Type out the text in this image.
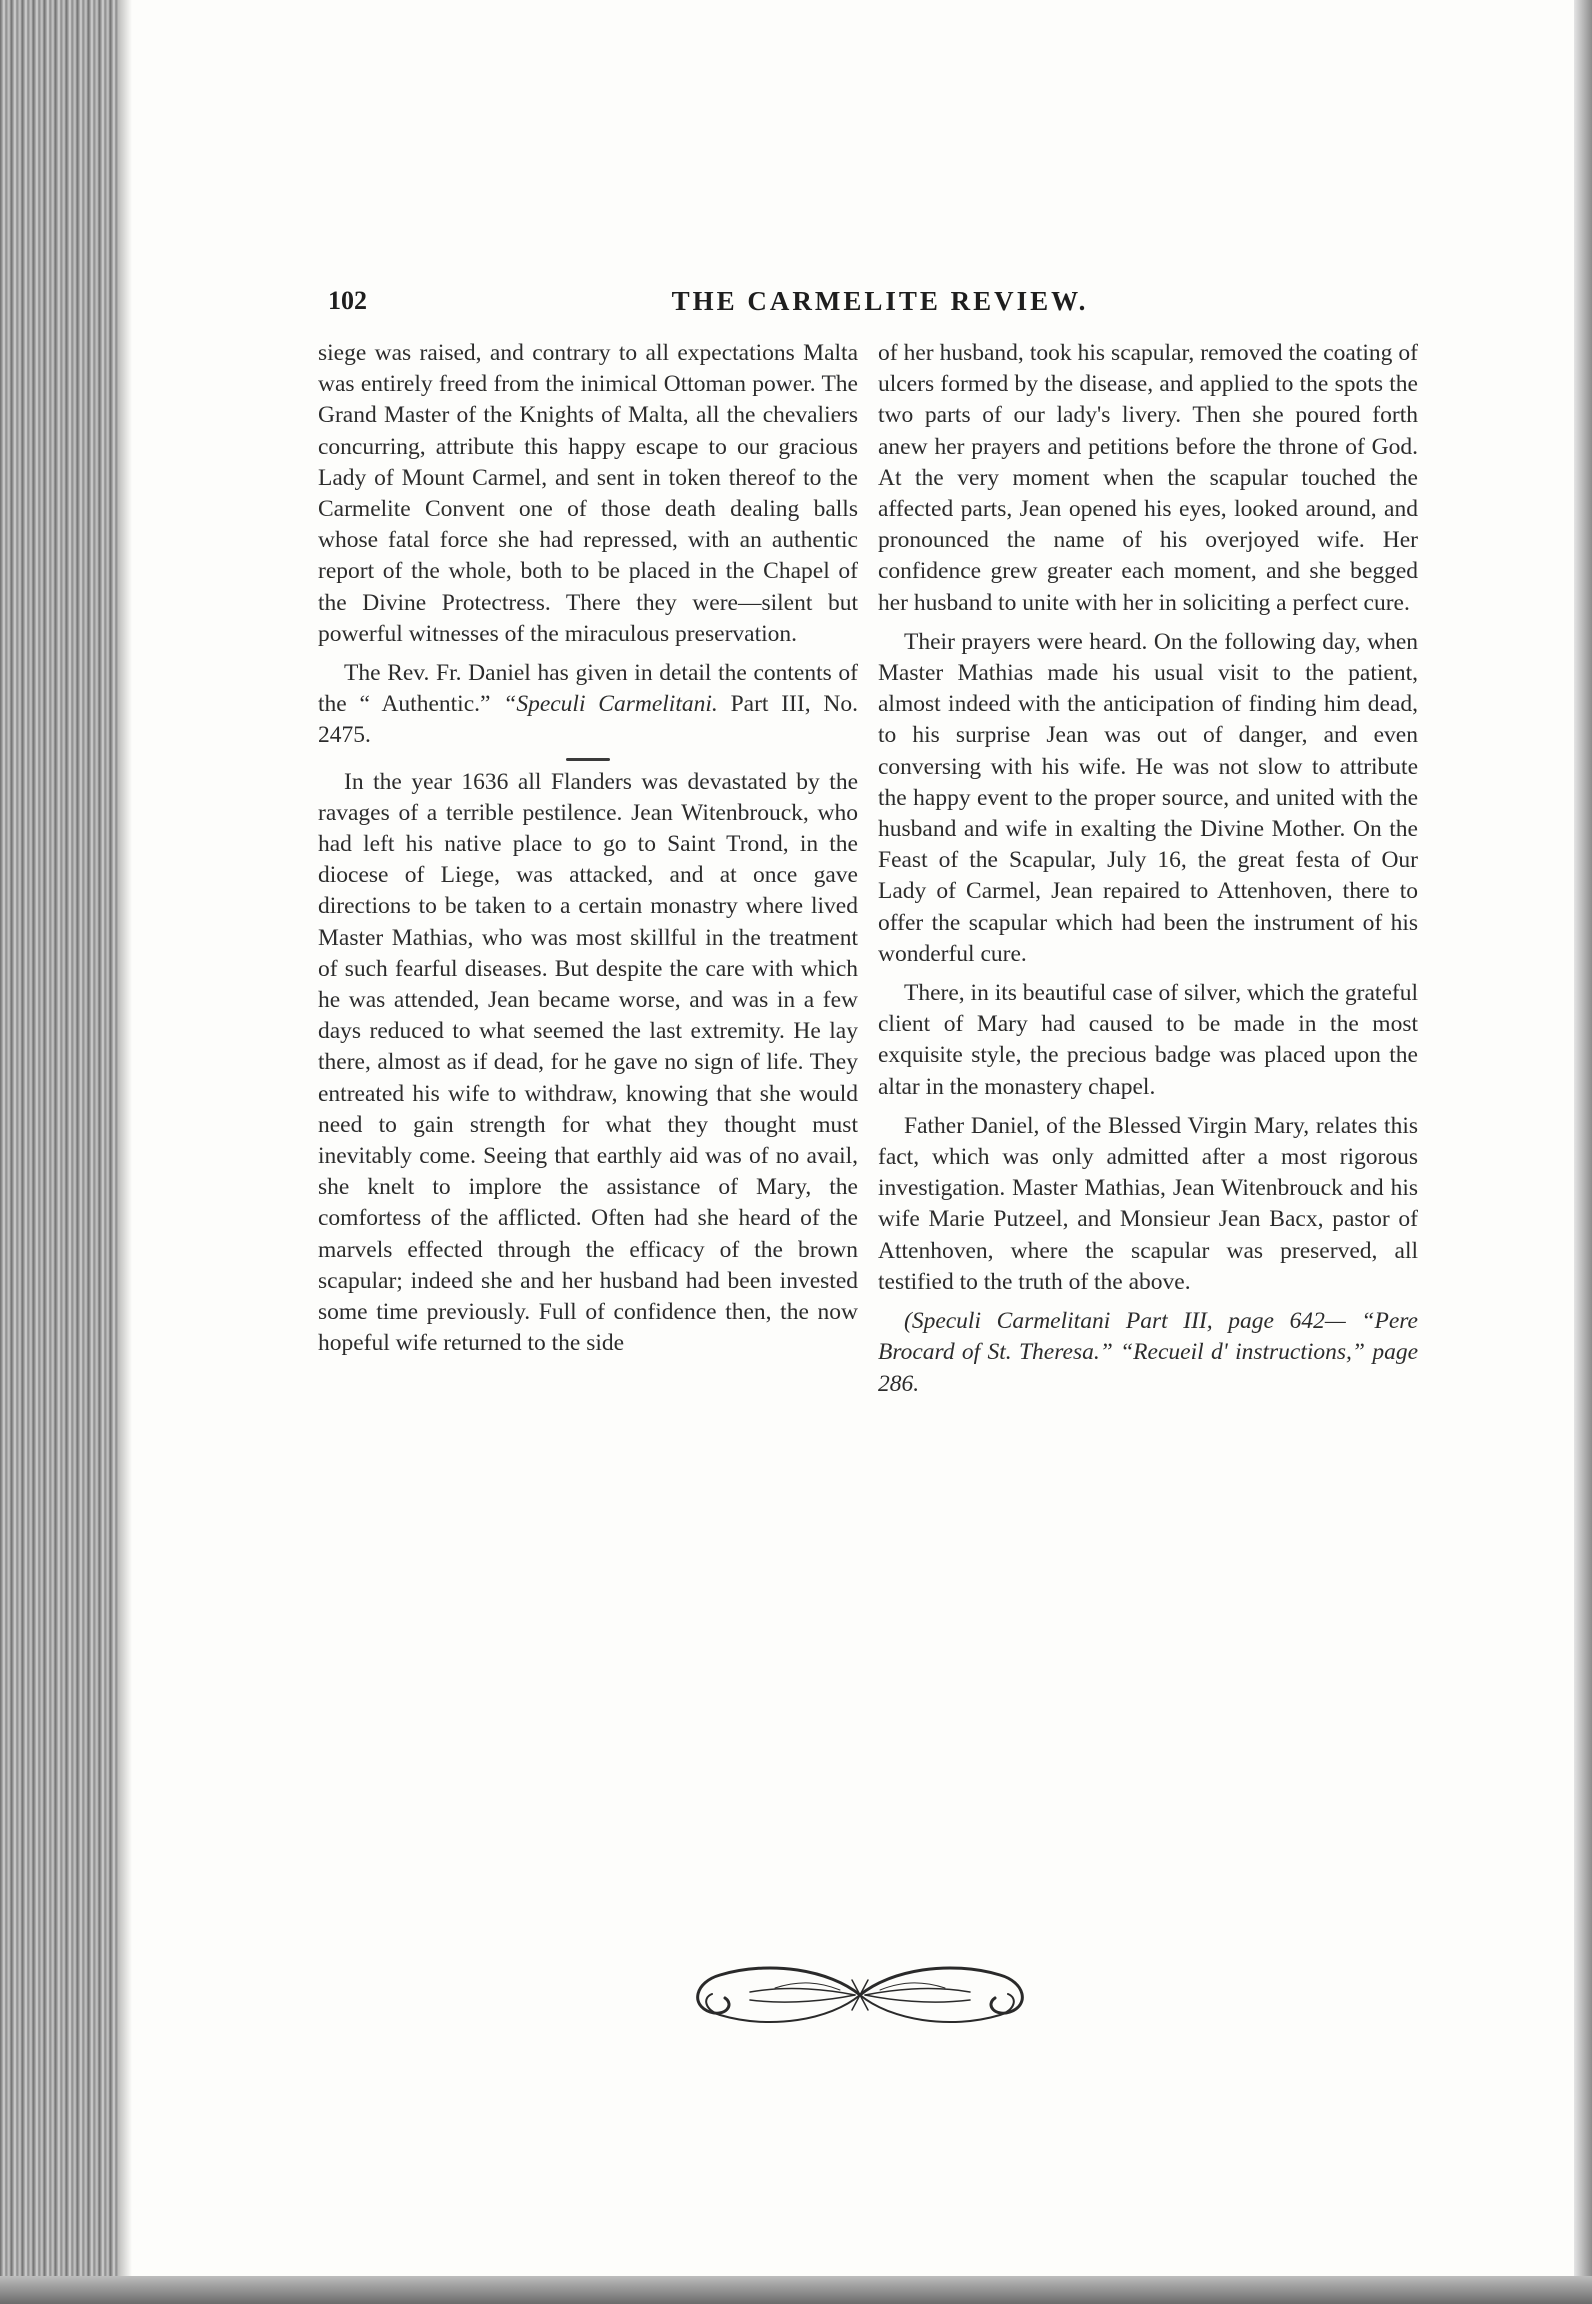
102	THE CARMELITE REVIEW.

siege was raised, and contrary to all expectations Malta was entirely freed from the inimical Ottoman power. The Grand Master of the Knights of Malta, all the chevaliers concurring, attribute this happy escape to our gracious Lady of Mount Carmel, and sent in token thereof to the Carmelite Convent one of those death dealing balls whose fatal force she had repressed, with an authentic report of the whole, both to be placed in the Chapel of the Divine Protectress. There they were—silent but powerful witnesses of the miraculous preservation.

The Rev. Fr. Daniel has given in detail the contents of the “ Authentic.” “Speculi Carmelitani. Part III, No. 2475.

In the year 1636 all Flanders was devastated by the ravages of a terrible pestilence. Jean Witenbrouck, who had left his native place to go to Saint Trond, in the diocese of Liege, was attacked, and at once gave directions to be taken to a certain monastry where lived Master Mathias, who was most skillful in the treatment of such fearful diseases. But despite the care with which he was attended, Jean became worse, and was in a few days reduced to what seemed the last extremity. He lay there, almost as if dead, for he gave no sign of life. They entreated his wife to withdraw, knowing that she would need to gain strength for what they thought must inevitably come. Seeing that earthly aid was of no avail, she knelt to implore the assistance of Mary, the comfortess of the afflicted. Often had she heard of the marvels effected through the efficacy of the brown scapular; indeed she and her husband had been invested some time previously. Full of confidence then, the now hopeful wife returned to the side

of her husband, took his scapular, removed the coating of ulcers formed by the disease, and applied to the spots the two parts of our lady's livery. Then she poured forth anew her prayers and petitions before the throne of God. At the very moment when the scapular touched the affected parts, Jean opened his eyes, looked around, and pronounced the name of his overjoyed wife. Her confidence grew greater each moment, and she begged her husband to unite with her in soliciting a perfect cure.

Their prayers were heard. On the following day, when Master Mathias made his usual visit to the patient, almost indeed with the anticipation of finding him dead, to his surprise Jean was out of danger, and even conversing with his wife. He was not slow to attribute the happy event to the proper source, and united with the husband and wife in exalting the Divine Mother. On the Feast of the Scapular, July 16, the great festa of Our Lady of Carmel, Jean repaired to Attenhoven, there to offer the scapular which had been the instrument of his wonderful cure.

There, in its beautiful case of silver, which the grateful client of Mary had caused to be made in the most exquisite style, the precious badge was placed upon the altar in the monastery chapel.

Father Daniel, of the Blessed Virgin Mary, relates this fact, which was only admitted after a most rigorous investigation. Master Mathias, Jean Witenbrouck and his wife Marie Putzeel, and Monsieur Jean Bacx, pastor of Attenhoven, where the scapular was preserved, all testified to the truth of the above.

(Speculi Carmelitani Part III, page 642— “Pere Brocard of St. Theresa.” “Recueil d' instructions,” page 286.
